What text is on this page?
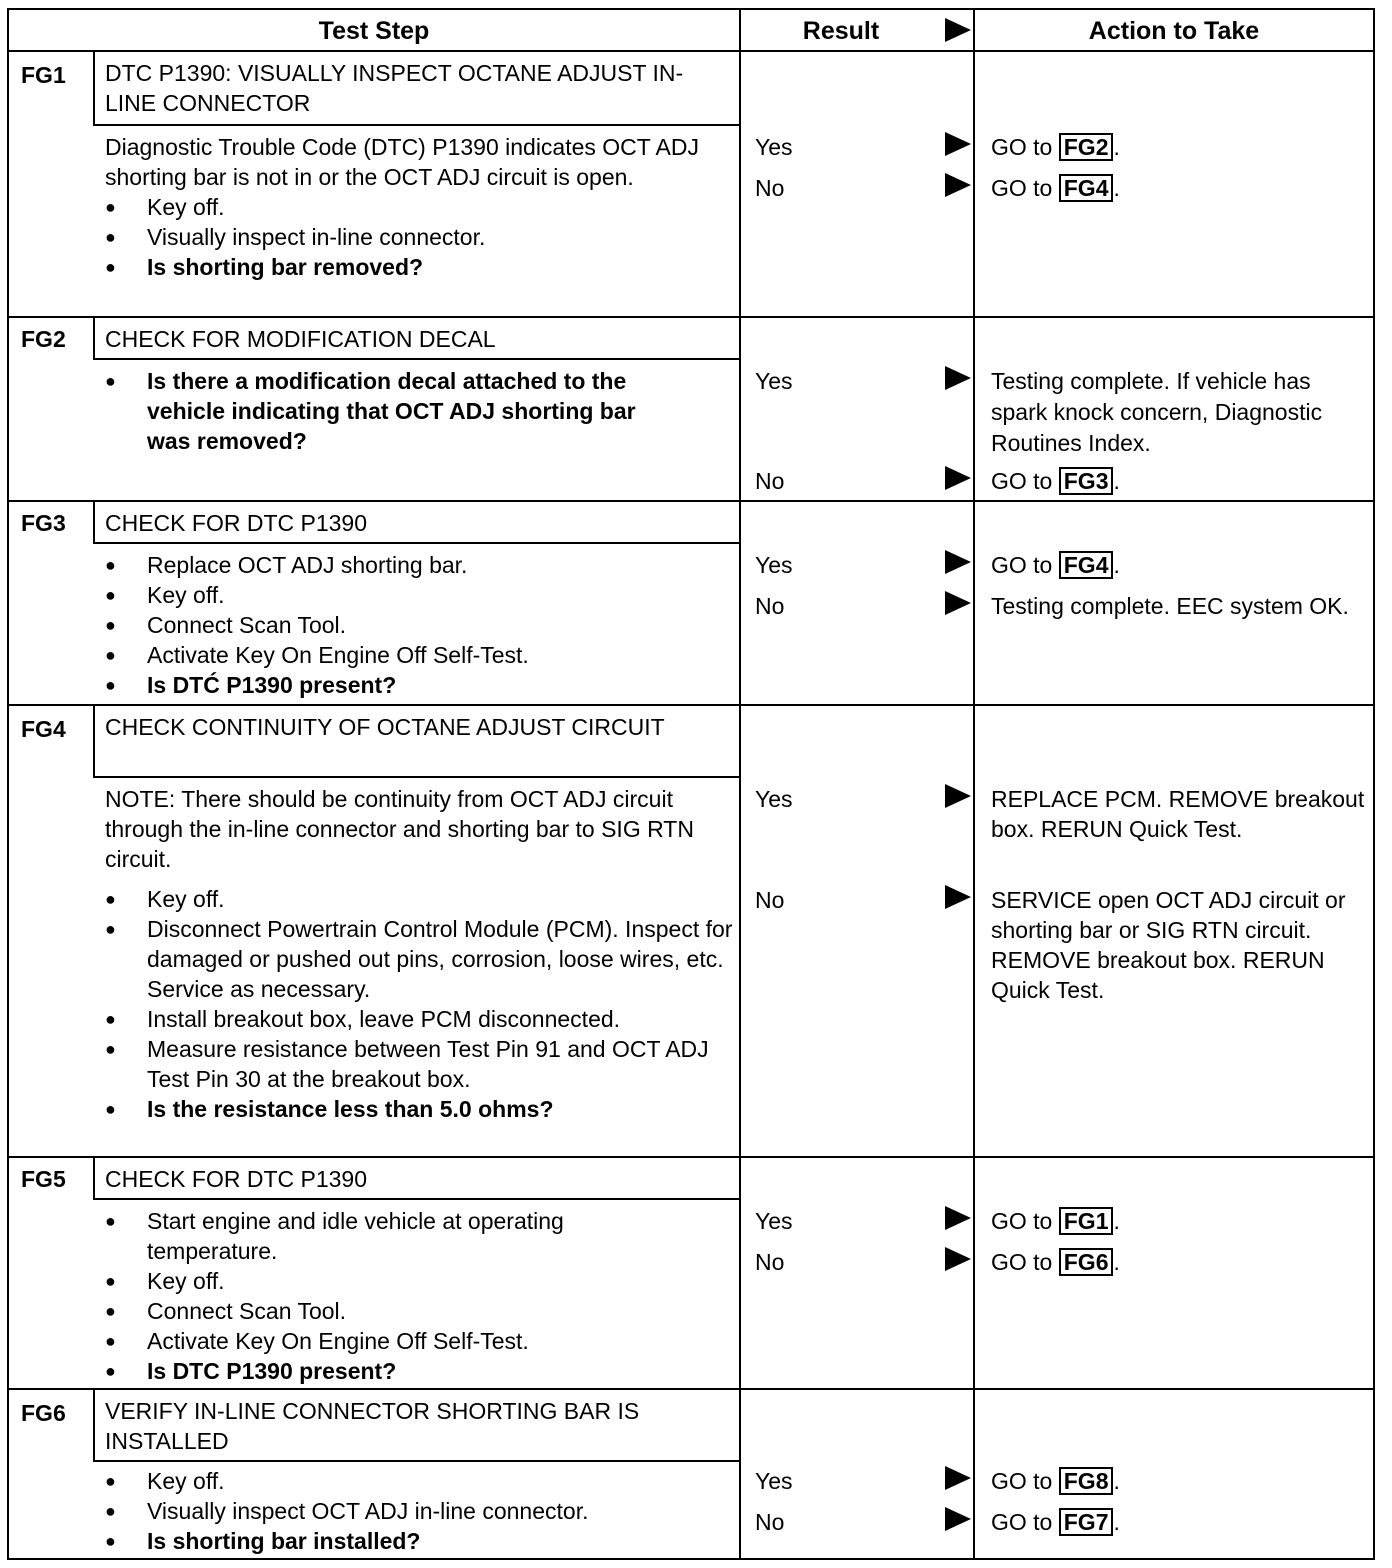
Test Step	Result	Action to Take
FG1 DTC P1390: VISUALLY INSPECT OCTANE ADJUST IN-LINE CONNECTOR

Diagnostic Trouble Code (DTC) P1390 indicates OCT ADJ shorting bar is not in or the OCT ADJ circuit is open.

● Key off.
● Visually inspect in-line connector.
● Is shorting bar removed?
Yes	GO to FG2 .
No	GO to FG4 .
FG2 CHECK FOR MODIFICATION DECAL
● Is there a modification decal attached to the vehicle indicating that OCT ADJ shorting bar was removed?
Yes	Testing complete. If vehicle has spark knock concern, Diagnostic Routines Index.
No	GO to FG3 .
FG3 CHECK FOR DTC P1390
● Replace OCT ADJ shorting bar.
● Key off.
● Connect Scan Tool.
● Activate Key On Engine Off Self-Test.
● Is DTĆ P1390 present?
Yes	GO to FG4 .
No	Testing complete. EEC system OK.
FG4 CHECK CONTINUITY OF OCTANE ADJUST CIRCUIT

NOTE: There should be continuity from OCT ADJ circuit through the in-line connector and shorting bar to SIG RTN circuit.

● Key off.
● Disconnect Powertrain Control Module (PCM). Inspect for damaged or pushed out pins, corrosion, loose wires, etc. Service as necessary.
● Install breakout box, leave PCM disconnected.
● Measure resistance between Test Pin 91 and OCT ADJ Test Pin 30 at the breakout box.
● Is the resistance less than 5.0 ohms?
Yes	REPLACE PCM. REMOVE breakout box. RERUN Quick Test.
No	SERVICE open OCT ADJ circuit or shorting bar or SIG RTN circuit. REMOVE breakout box. RERUN Quick Test.
FG5 CHECK FOR DTC P1390
● Start engine and idle vehicle at operating temperature.
● Key off.
● Connect Scan Tool.
● Activate Key On Engine Off Self-Test.
● Is DTC P1390 present?
Yes	GO to FG1 .
No	GO to FG6 .
FG6 VERIFY IN-LINE CONNECTOR SHORTING BAR IS INSTALLED
● Key off.
● Visually inspect OCT ADJ in-line connector.
● Is shorting bar installed?
Yes	GO to FG8 .
No	GO to FG7 .
